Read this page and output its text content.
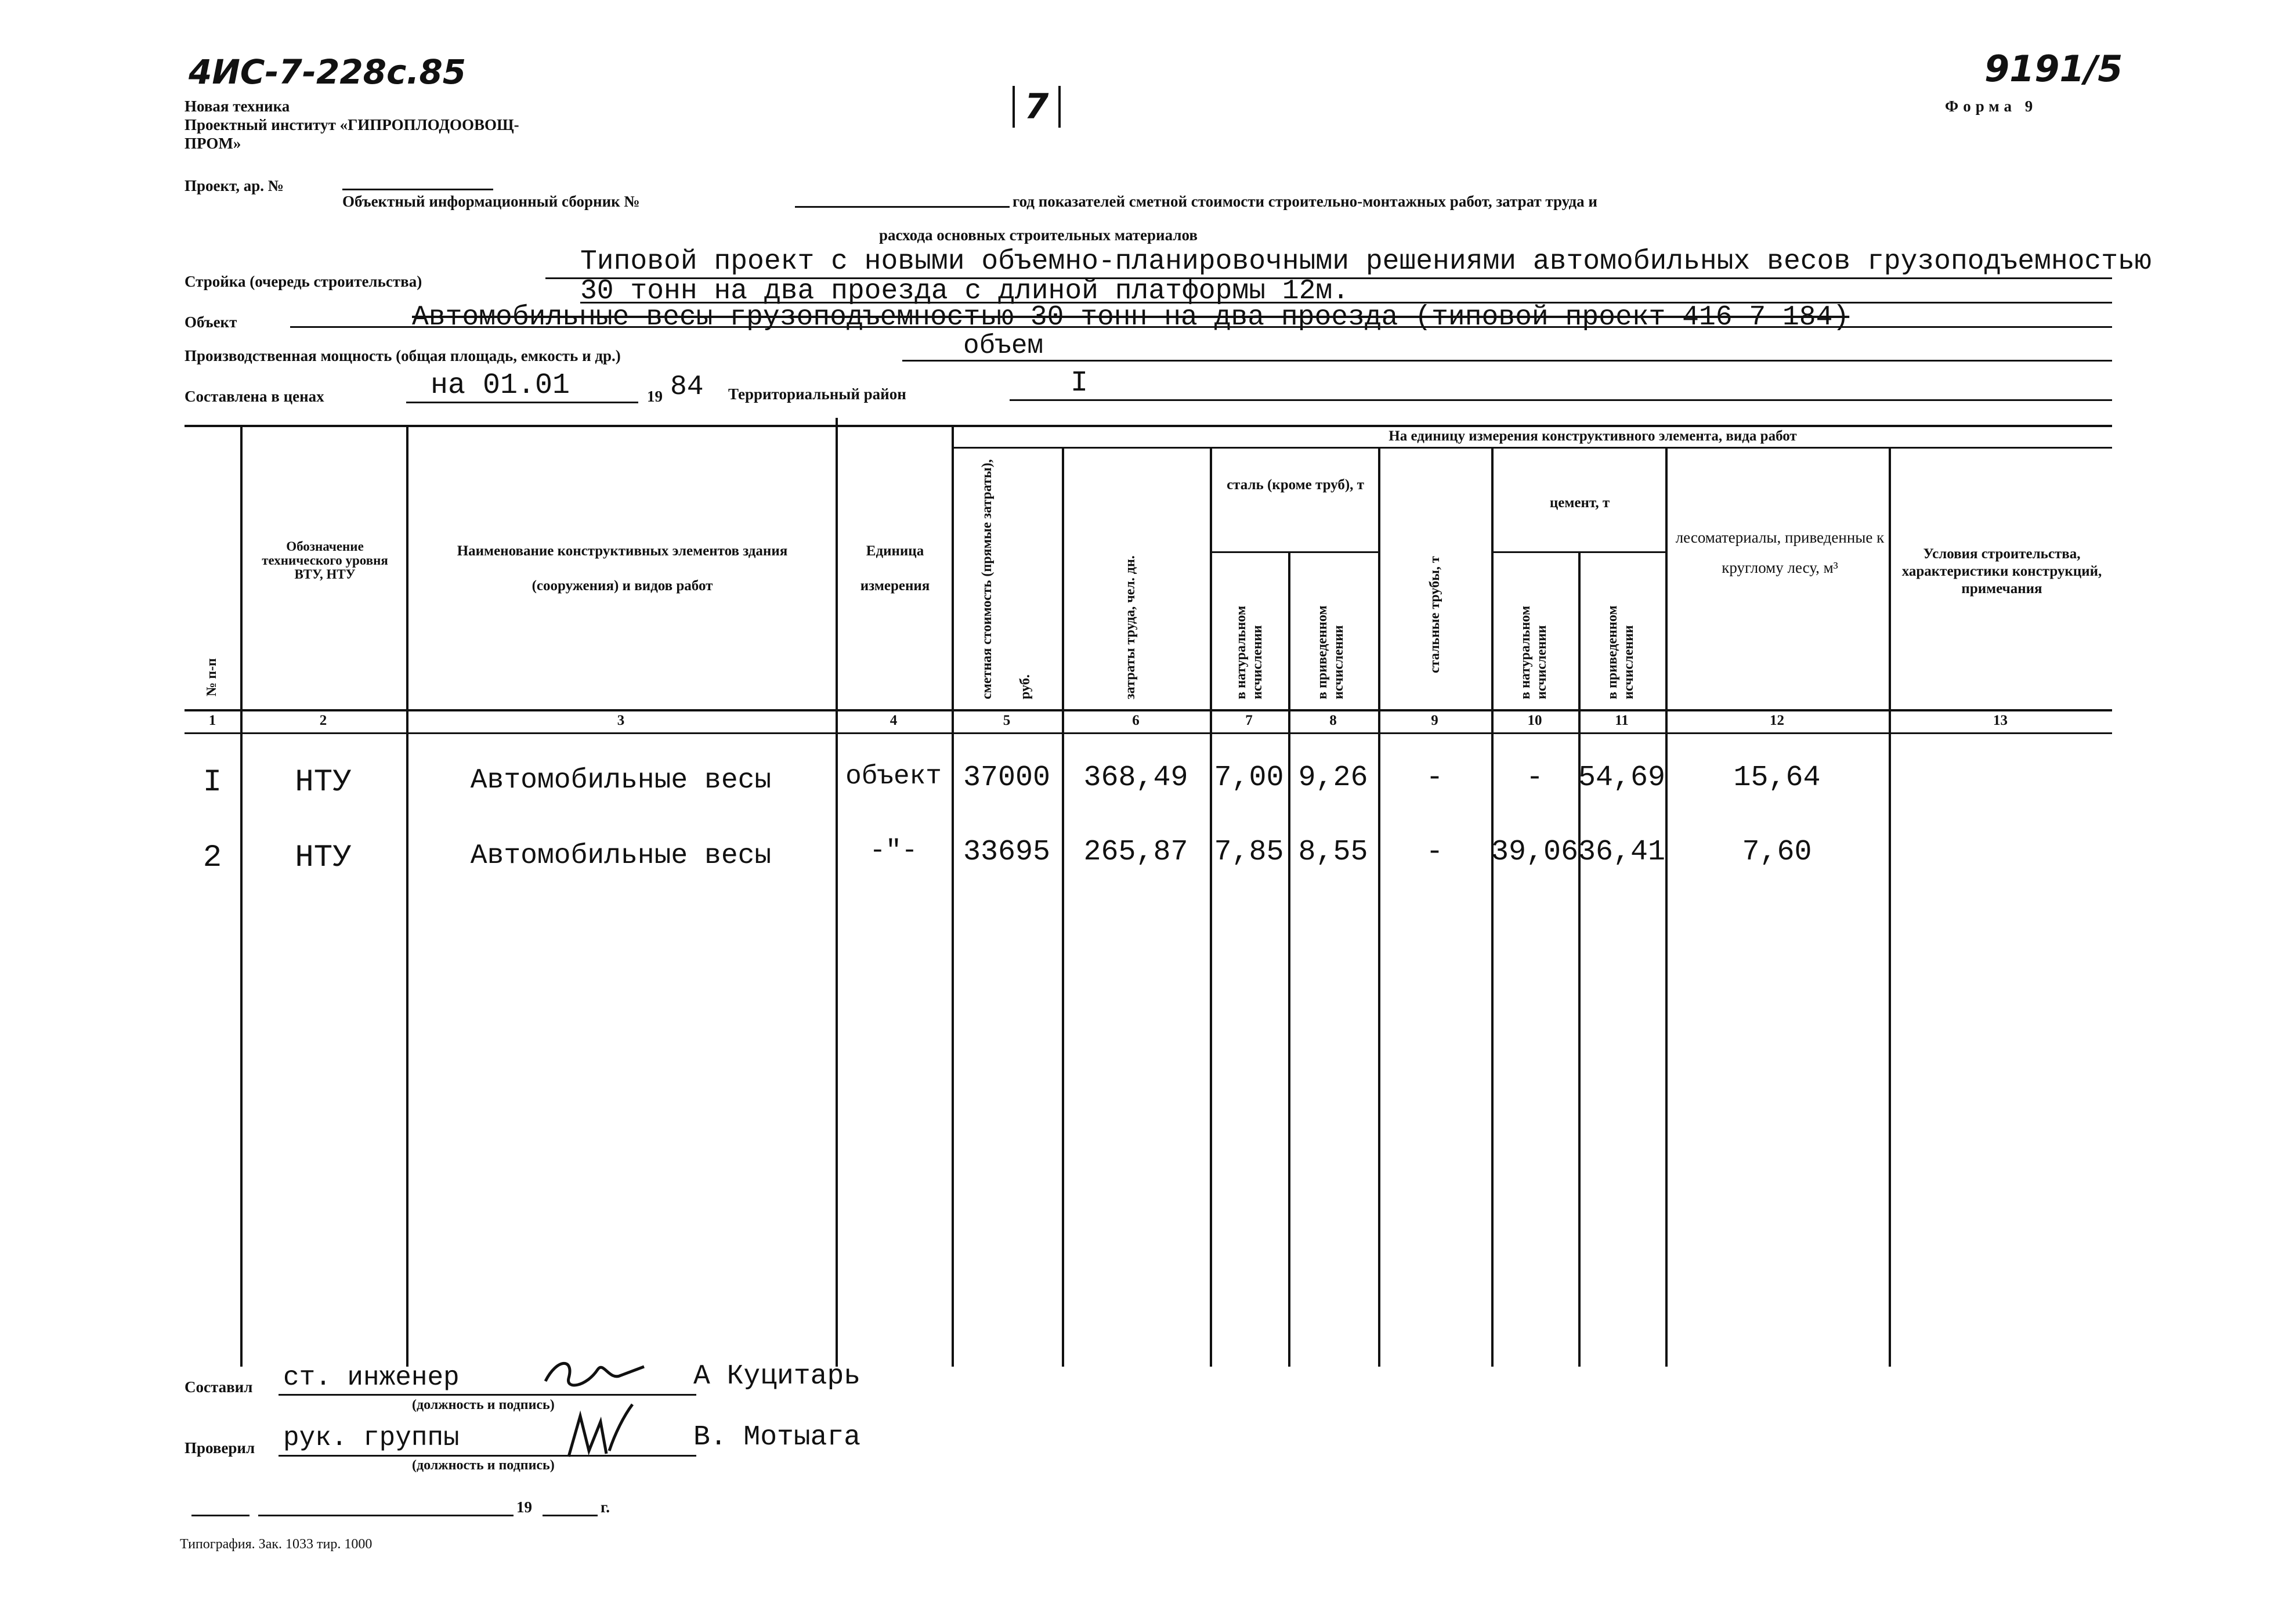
4ИС-7-228с.85
Новая техника
Проектный институт «ГИПРОПЛОДООВОЩ-
ПРОМ»
7
9191/5
Форма 9
Проект, ар. №
Объектный информационный сборник №	год показателей сметной стоимости строительно-монтажных работ, затрат труда и
расхода основных строительных материалов
Стройка (очередь строительства)
Типовой проект с новыми объемно-планировочными решениями автомобильных весов грузоподъемностью
30 тонн на два проезда с длиной платформы 12м.
Объект	Автомобильные весы грузоподъемностью 30 тонн на два проезда (типовой проект 416-7-184)
Производственная мощность (общая площадь, емкость и др.)	объем
Составлена в ценах	на 01.01	19 84 Территориальный район	I
На единицу измерения конструктивного элемента, вида работ
№ п-п
Обозначение технического уровня ВТУ, НТУ
Наименование конструктивных элементов здания (сооружения) и видов работ
Единица измерения	сметная стоимость (прямые затраты), руб.	затраты труда, чел. дн.
сталь (кроме труб), т
в натуральном исчислении	в приведенном исчислении	стальные трубы, т
цемент, т
в натуральном исчислении	в приведенном исчислении
лесоматериалы, приведенные к круглому лесу, м³
Условия строительства, характеристики конструкций, примечания
1	2	3	4	5	6	7	8	9	10	11	12	13
I	НТУ	Автомобильные весы	объект 37000	368,49 7,00 9,26	-	-	54,69	15,64
2	НТУ	Автомобильные весы	-"-	33695	265,87 7,85 8,55	-	39,06 36,41	7,60
Составил ст. инженер	А Куцитарь
(должность и подпись)
Проверил рук. группы	В. Мотыага
(должность и подпись)
19	г.
Типография. Зак. 1033 тир. 1000
